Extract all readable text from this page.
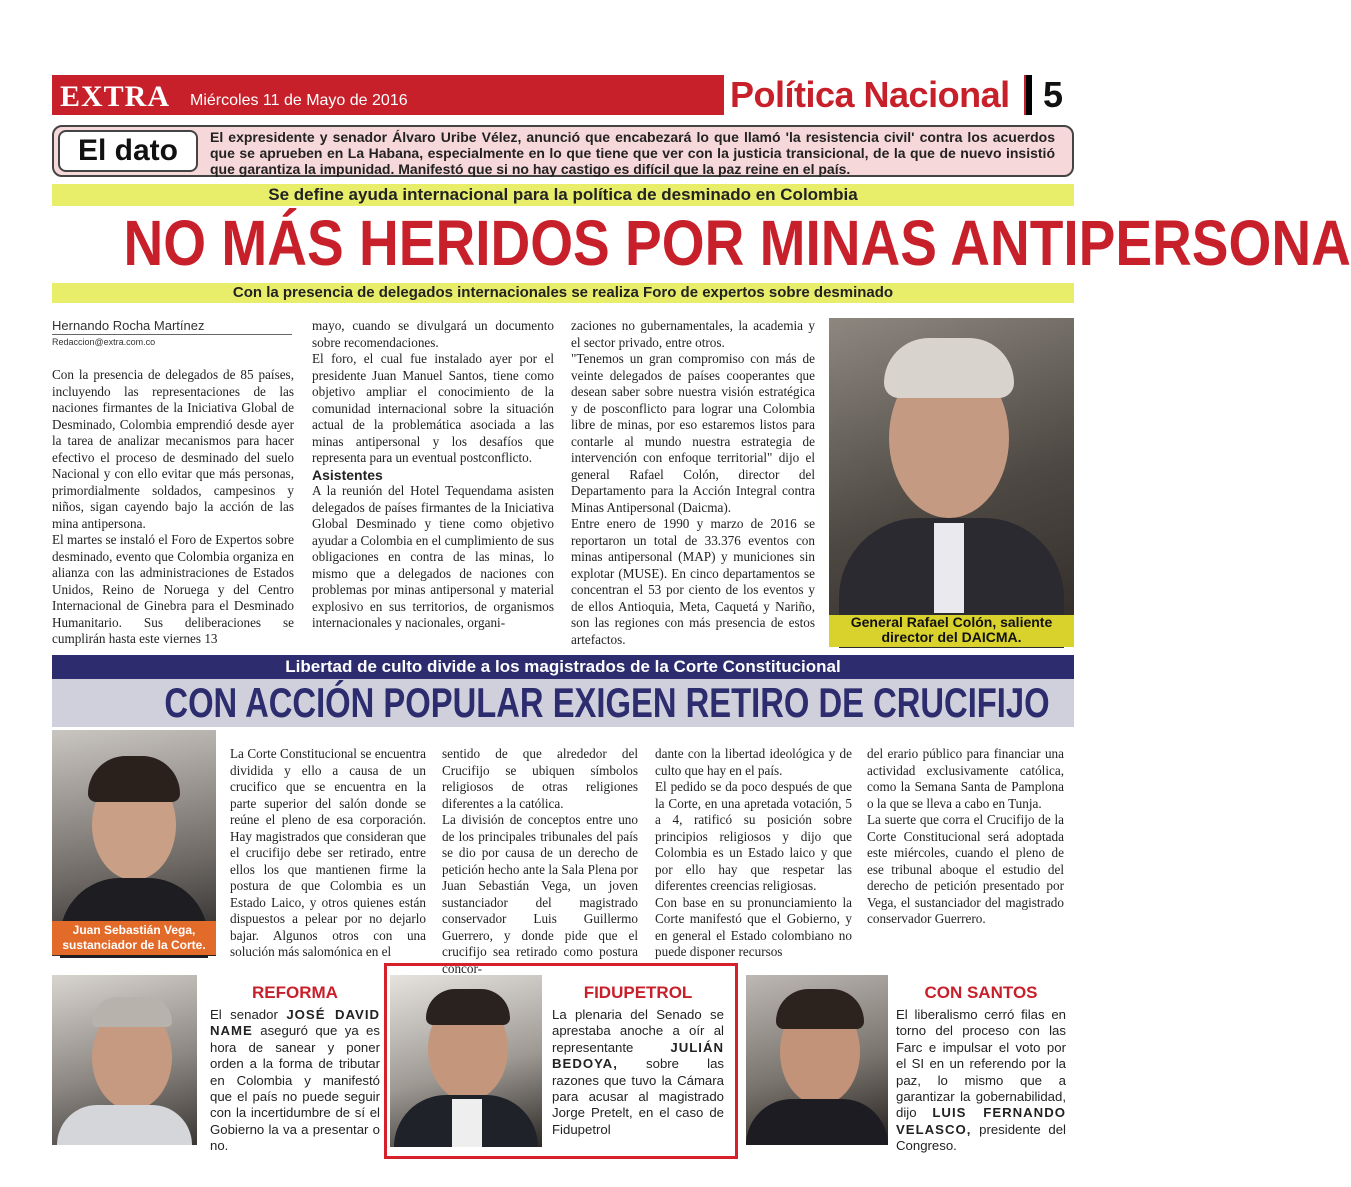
EXTRA Miércoles 11 de Mayo de 2016	Política Nacional 5
El dato	El expresidente y senador Álvaro Uribe Vélez, anunció que encabezará lo que llamó 'la resistencia civil' contra los acuerdos que se aprueben en La Habana, especialmente en lo que tiene que ver con la justicia transicional, de la que de nuevo insistió que garantiza la impunidad. Manifestó que si no hay castigo es difícil que la paz reine en el país.
Se define ayuda internacional para la política de desminado en Colombia
NO MÁS HERIDOS POR MINAS ANTIPERSONA
Con la presencia de delegados internacionales se realiza Foro de expertos sobre desminado
Hernando Rocha Martínez
Redaccion@extra.com.co

Con la presencia de delegados de 85 países, incluyendo las representaciones de las naciones firmantes de la Iniciativa Global de Desminado, Colombia emprendió desde ayer la tarea de analizar mecanismos para hacer efectivo el proceso de desminado del suelo Nacional y con ello evitar que más personas, primordialmente soldados, campesinos y niños, sigan cayendo bajo la acción de las mina antipersona.

El martes se instaló el Foro de Expertos sobre desminado, evento que Colombia organiza en alianza con las administraciones de Estados Unidos, Reino de Noruega y del Centro Internacional de Ginebra para el Desminado Humanitario. Sus deliberaciones se cumplirán hasta este viernes 13

mayo, cuando se divulgará un documento sobre recomendaciones.

El foro, el cual fue instalado ayer por el presidente Juan Manuel Santos, tiene como objetivo ampliar el conocimiento de la comunidad internacional sobre la situación actual de la problemática asociada a las minas antipersonal y los desafíos que representa para un eventual postconflicto.

Asistentes

A la reunión del Hotel Tequendama asisten delegados de países firmantes de la Iniciativa Global Desminado y tiene como objetivo ayudar a Colombia en el cumplimiento de sus obligaciones en contra de las minas, lo mismo que a delegados de naciones con problemas por minas antipersonal y material explosivo en sus territorios, de organismos internacionales y nacionales, organi-

zaciones no gubernamentales, la academia y el sector privado, entre otros.

"Tenemos un gran compromiso con más de veinte delegados de países cooperantes que desean saber sobre nuestra visión estratégica y de posconflicto para lograr una Colombia libre de minas, por eso estaremos listos para contarle al mundo nuestra estrategia de intervención con enfoque territorial" dijo el general Rafael Colón, director del Departamento para la Acción Integral contra Minas Antipersonal (Daicma).

Entre enero de 1990 y marzo de 2016 se reportaron un total de 33.376 eventos con minas antipersonal (MAP) y municiones sin explotar (MUSE). En cinco departamentos se concentran el 53 por ciento de los eventos y de ellos Antioquia, Meta, Caquetá y Nariño, son las regiones con más presencia de estos artefactos.

General Rafael Colón, saliente director del DAICMA.
Libertad de culto divide a los magistrados de la Corte Constitucional
CON ACCIÓN POPULAR EXIGEN RETIRO DE CRUCIFIJO
Juan Sebastián Vega, sustanciador de la Corte.

La Corte Constitucional se encuentra dividida y ello a causa de un crucifico que se encuentra en la parte superior del salón donde se reúne el pleno de esa corporación. Hay magistrados que consideran que el crucifijo debe ser retirado, entre ellos los que mantienen firme la postura de que Colombia es un Estado Laico, y otros quienes están dispuestos a pelear por no dejarlo bajar. Algunos otros con una solución más salomónica en el

sentido de que alrededor del Crucifijo se ubiquen símbolos religiosos de otras religiones diferentes a la católica.

La división de conceptos entre uno de los principales tribunales del país se dio por causa de un derecho de petición hecho ante la Sala Plena por Juan Sebastián Vega, un joven sustanciador del magistrado conservador Luis Guillermo Guerrero, y donde pide que el crucifijo sea retirado como postura concor-

dante con la libertad ideológica y de culto que hay en el país.

El pedido se da poco después de que la Corte, en una apretada votación, 5 a 4, ratificó su posición sobre principios religiosos y dijo que Colombia es un Estado laico y que por ello hay que respetar las diferentes creencias religiosas.

Con base en su pronunciamiento la Corte manifestó que el Gobierno, y en general el Estado colombiano no puede disponer recursos

del erario público para financiar una actividad exclusivamente católica, como la Semana Santa de Pamplona o la que se lleva a cabo en Tunja.

La suerte que corra el Crucifijo de la Corte Constitucional será adoptada este miércoles, cuando el pleno de ese tribunal aboque el estudio del derecho de petición presentado por Vega, el sustanciador del magistrado conservador Guerrero.

REFORMA
El senador JOSÉ DAVID NAME aseguró que ya es hora de sanear y poner orden a la forma de tributar en Colombia y manifestó que el país no puede seguir con la incertidumbre de sí el Gobierno la va a presentar o no.
FIDUPETROL
La plenaria del Senado se aprestaba anoche a oír al representante	JULIÁN BEDOYA, sobre las razones que tuvo la Cámara para acusar al magistrado Jorge Pretelt, en el caso de Fidupetrol
CON SANTOS
El liberalismo cerró filas en torno del proceso con las Farc e impulsar el voto por el SI en un referendo por la paz, lo mismo que a garantizar la gobernabilidad, dijo LUIS FERNANDO VELASCO, presidente del Congreso.
